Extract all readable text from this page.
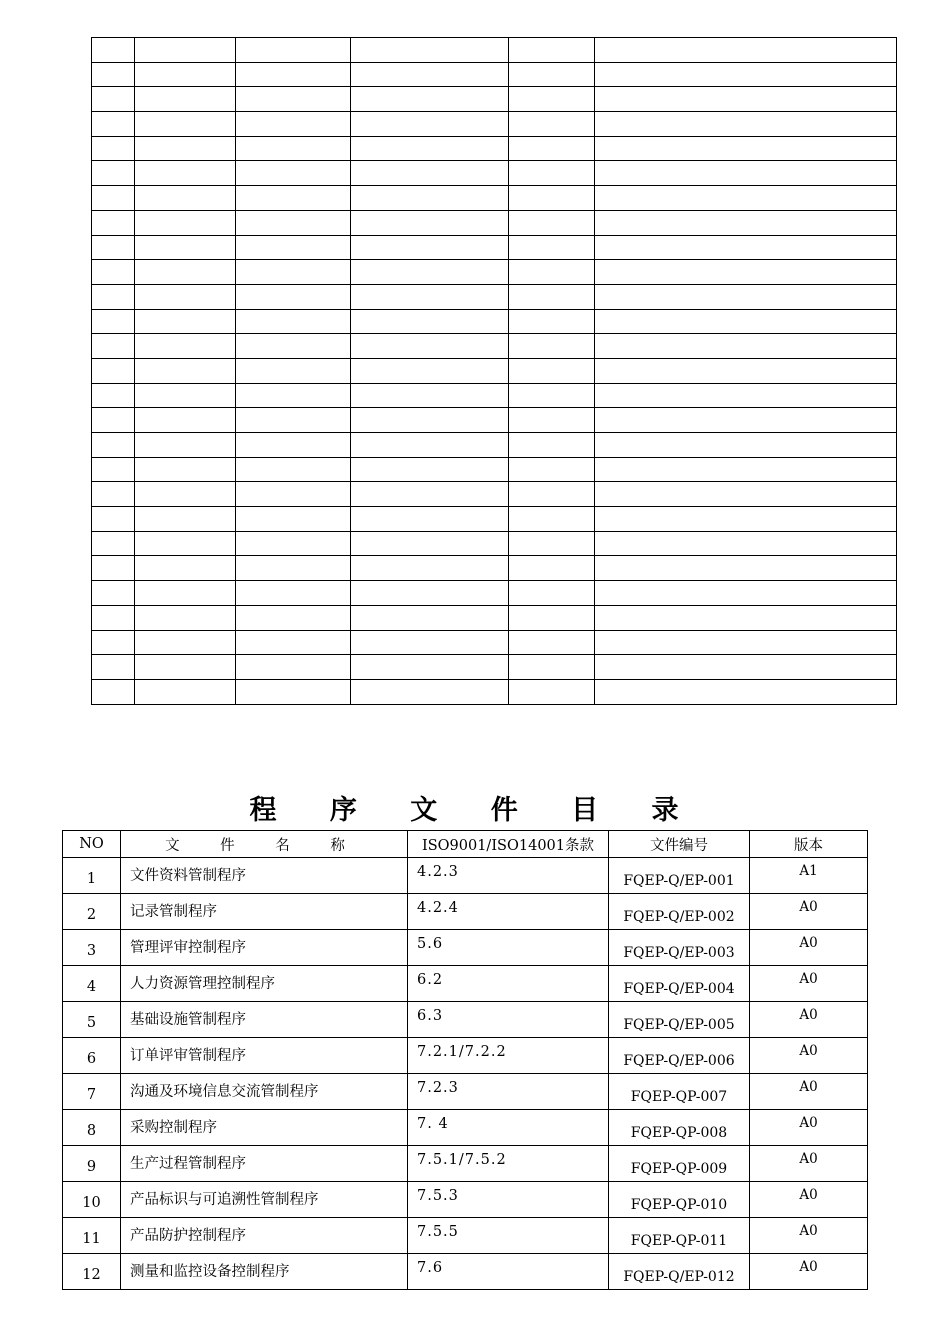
程 序 文 件 目 录
NO	文 件 名 称	ISO9001/ISO14001条款	文件编号	版本
1	文件资料管制程序	4.2.3	FQEP-Q/EP-001	A1
2	记录管制程序	4.2.4	FQEP-Q/EP-002	A0
3	管理评审控制程序	5.6	FQEP-Q/EP-003	A0
4	人力资源管理控制程序	6.2	FQEP-Q/EP-004	A0
5	基础设施管制程序	6.3	FQEP-Q/EP-005	A0
6	订单评审管制程序	7.2.1/7.2.2	FQEP-Q/EP-006	A0
7	沟通及环境信息交流管制程序	7.2.3	FQEP-QP-007	A0
8	采购控制程序	7. 4	FQEP-QP-008	A0
9	生产过程管制程序	7.5.1/7.5.2	FQEP-QP-009	A0
10	产品标识与可追溯性管制程序	7.5.3	FQEP-QP-010	A0
11	产品防护控制程序	7.5.5	FQEP-QP-011	A0
12	测量和监控设备控制程序	7.6	FQEP-Q/EP-012	A0
